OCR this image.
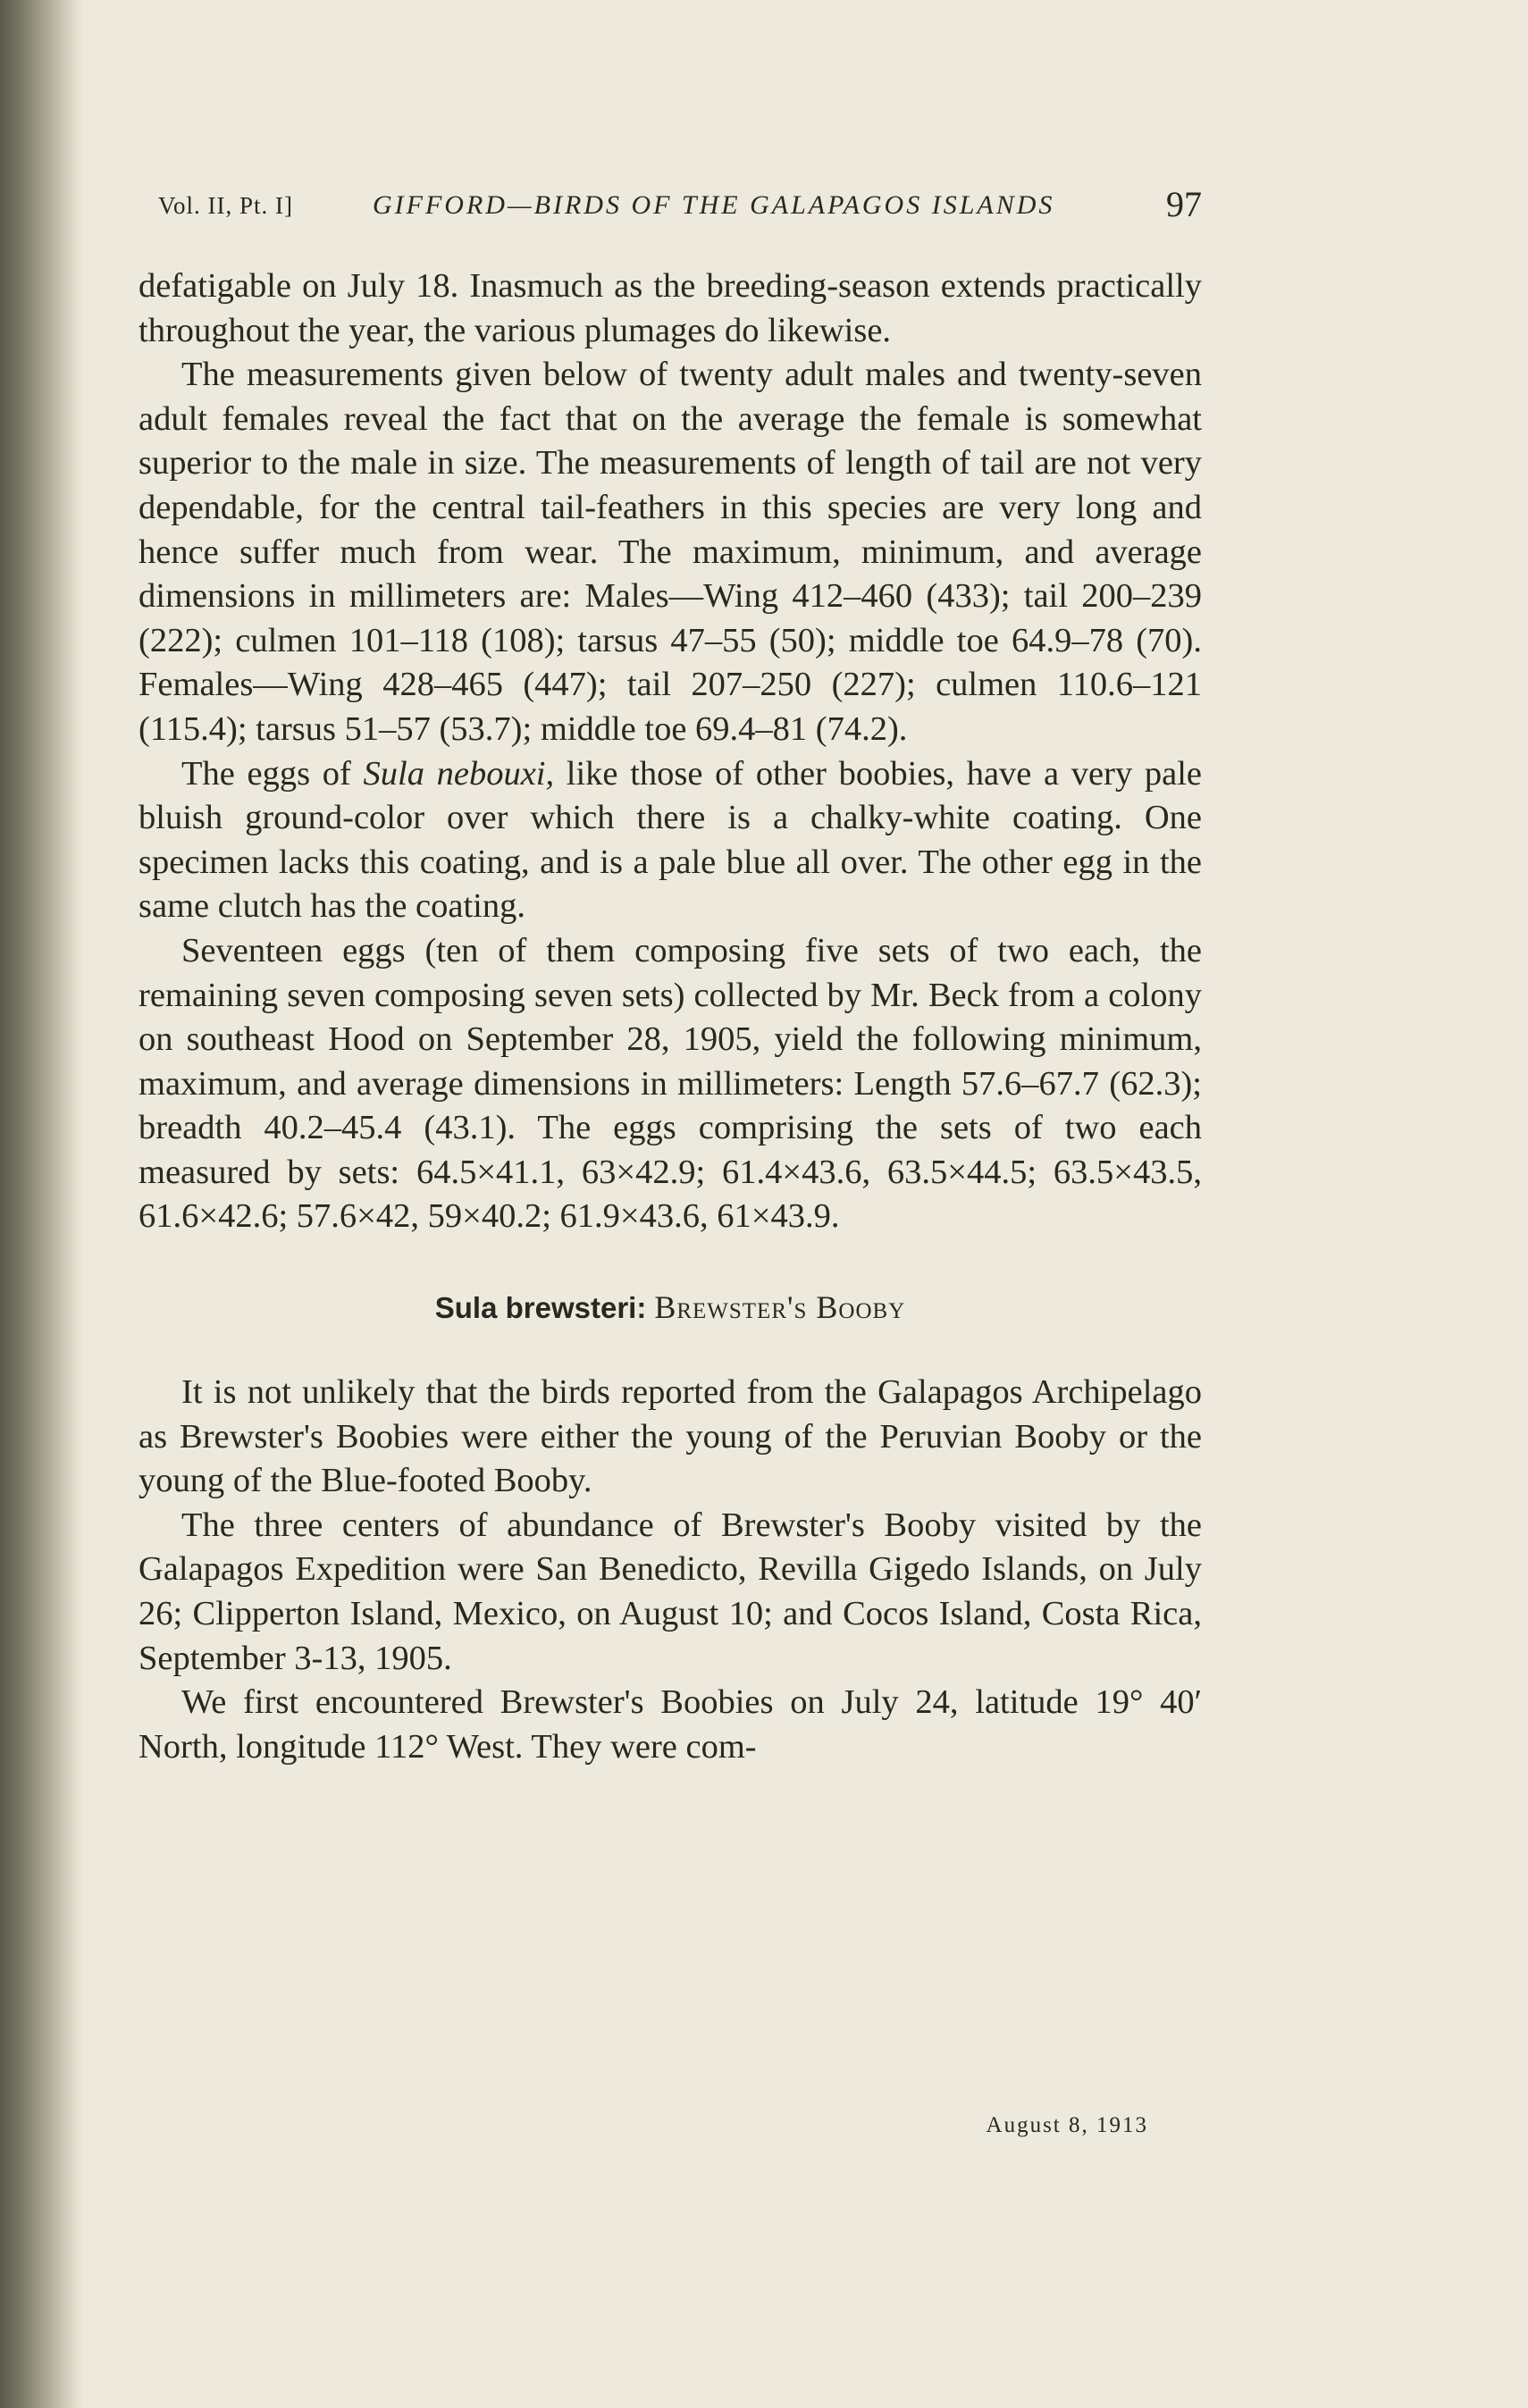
Vol. II, Pt. I]	GIFFORD—BIRDS OF THE GALAPAGOS ISLANDS	97

defatigable on July 18. Inasmuch as the breeding-season extends practically throughout the year, the various plumages do likewise.

The measurements given below of twenty adult males and twenty-seven adult females reveal the fact that on the average the female is somewhat superior to the male in size. The measurements of length of tail are not very dependable, for the central tail-feathers in this species are very long and hence suffer much from wear. The maximum, minimum, and average dimensions in millimeters are: Males—Wing 412–460 (433); tail 200–239 (222); culmen 101–118 (108); tarsus 47–55 (50); middle toe 64.9–78 (70). Females—Wing 428–465 (447); tail 207–250 (227); culmen 110.6–121 (115.4); tarsus 51–57 (53.7); middle toe 69.4–81 (74.2).

The eggs of Sula nebouxi, like those of other boobies, have a very pale bluish ground-color over which there is a chalky-white coating. One specimen lacks this coating, and is a pale blue all over. The other egg in the same clutch has the coating.

Seventeen eggs (ten of them composing five sets of two each, the remaining seven composing seven sets) collected by Mr. Beck from a colony on southeast Hood on September 28, 1905, yield the following minimum, maximum, and average dimensions in millimeters: Length 57.6–67.7 (62.3); breadth 40.2–45.4 (43.1). The eggs comprising the sets of two each measured by sets: 64.5×41.1, 63×42.9; 61.4×43.6, 63.5×44.5; 63.5×43.5, 61.6×42.6; 57.6×42, 59×40.2; 61.9×43.6, 61×43.9.

Sula brewsteri: Brewster's Booby

It is not unlikely that the birds reported from the Galapagos Archipelago as Brewster's Boobies were either the young of the Peruvian Booby or the young of the Blue-footed Booby.

The three centers of abundance of Brewster's Booby visited by the Galapagos Expedition were San Benedicto, Revilla Gigedo Islands, on July 26; Clipperton Island, Mexico, on August 10; and Cocos Island, Costa Rica, September 3-13, 1905.

We first encountered Brewster's Boobies on July 24, latitude 19° 40′ North, longitude 112° West. They were com-

August 8, 1913
